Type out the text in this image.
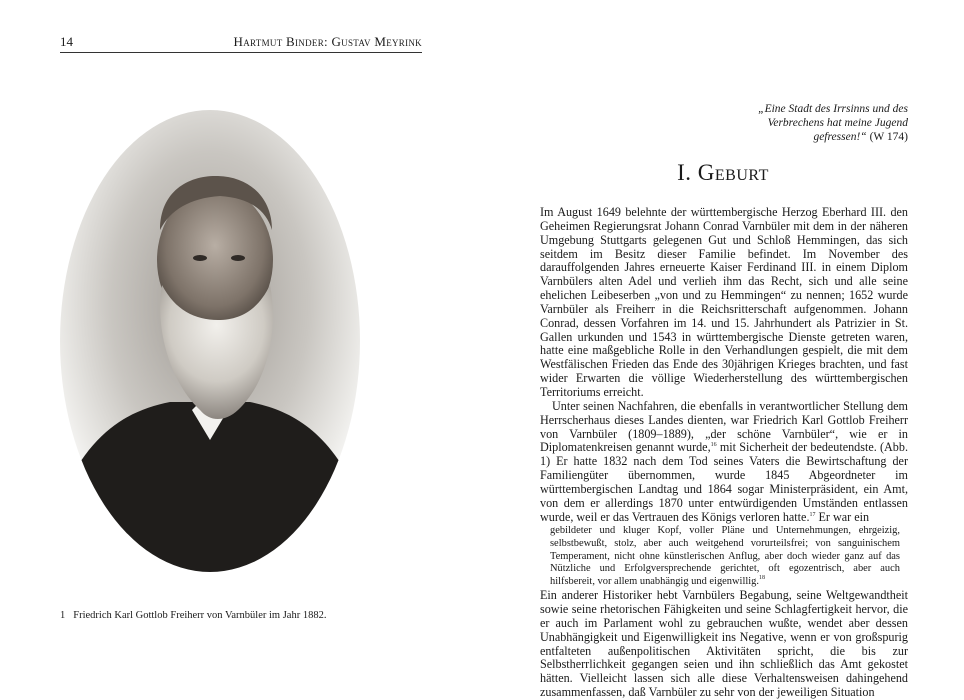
14	Hartmut Binder: Gustav Meyrink
1 Friedrich Karl Gottlob Freiherr von Varnbüler im Jahr 1882.
„Eine Stadt des Irrsinns und des Verbrechens hat meine Jugend gefressen!“ (W 174)
I. Geburt

Im August 1649 belehnte der württembergische Herzog Eberhard III. den Geheimen Regierungsrat Johann Conrad Varnbüler mit dem in der näheren Umgebung Stuttgarts gelegenen Gut und Schloß Hemmingen, das sich seitdem im Besitz dieser Familie befindet. Im November des darauffolgenden Jahres erneuerte Kaiser Ferdinand III. in einem Diplom Varnbülers alten Adel und verlieh ihm das Recht, sich und alle seine ehelichen Leibeserben „von und zu Hemmingen“ zu nennen; 1652 wurde Varnbüler als Freiherr in die Reichsritterschaft aufgenommen. Johann Conrad, dessen Vorfahren im 14. und 15. Jahrhundert als Patrizier in St. Gallen urkunden und 1543 in württembergische Dienste getreten waren, hatte eine maßgebliche Rolle in den Verhandlungen gespielt, die mit dem Westfälischen Frieden das Ende des 30jährigen Krieges brachten, und fast wider Erwarten die völlige Wiederherstellung des württembergischen Territoriums erreicht.

Unter seinen Nachfahren, die ebenfalls in verantwortlicher Stellung dem Herrscherhaus dieses Landes dienten, war Friedrich Karl Gottlob Freiherr von Varnbüler (1809–1889), „der schöne Varnbüler“, wie er in Diplomatenkreisen genannt wurde,$^{16}$ mit Sicherheit der bedeutendste. (Abb. 1) Er hatte 1832 nach dem Tod seines Vaters die Bewirtschaftung der Familiengüter übernommen, wurde 1845 Abgeordneter im württembergischen Landtag und 1864 sogar Ministerpräsident, ein Amt, von dem er allerdings 1870 unter entwürdigenden Umständen entlassen wurde, weil er das Vertrauen des Königs verloren hatte.$^{17}$ Er war ein

gebildeter und kluger Kopf, voller Pläne und Unternehmungen, ehrgeizig, selbstbewußt, stolz, aber auch weitgehend vorurteilsfrei; von sanguinischem Temperament, nicht ohne künstlerischen Anflug, aber doch wieder ganz auf das Nützliche und Erfolgversprechende gerichtet, oft egozentrisch, aber auch hilfsbereit, vor allem unabhängig und eigenwillig.$^{18}$

Ein anderer Historiker hebt Varnbülers Begabung, seine Weltgewandtheit sowie seine rhetorischen Fähigkeiten und seine Schlagfertigkeit hervor, die er auch im Parlament wohl zu gebrauchen wußte, wendet aber dessen Unabhängigkeit und Eigenwilligkeit ins Negative, wenn er von großspurig entfalteten außenpolitischen Aktivitäten spricht, die bis zur Selbstherrlichkeit gegangen seien und ihn schließlich das Amt gekostet hätten. Vielleicht lassen sich alle diese Verhaltensweisen dahingehend zusammenfassen, daß Varnbüler zu sehr von der jeweiligen Situation
